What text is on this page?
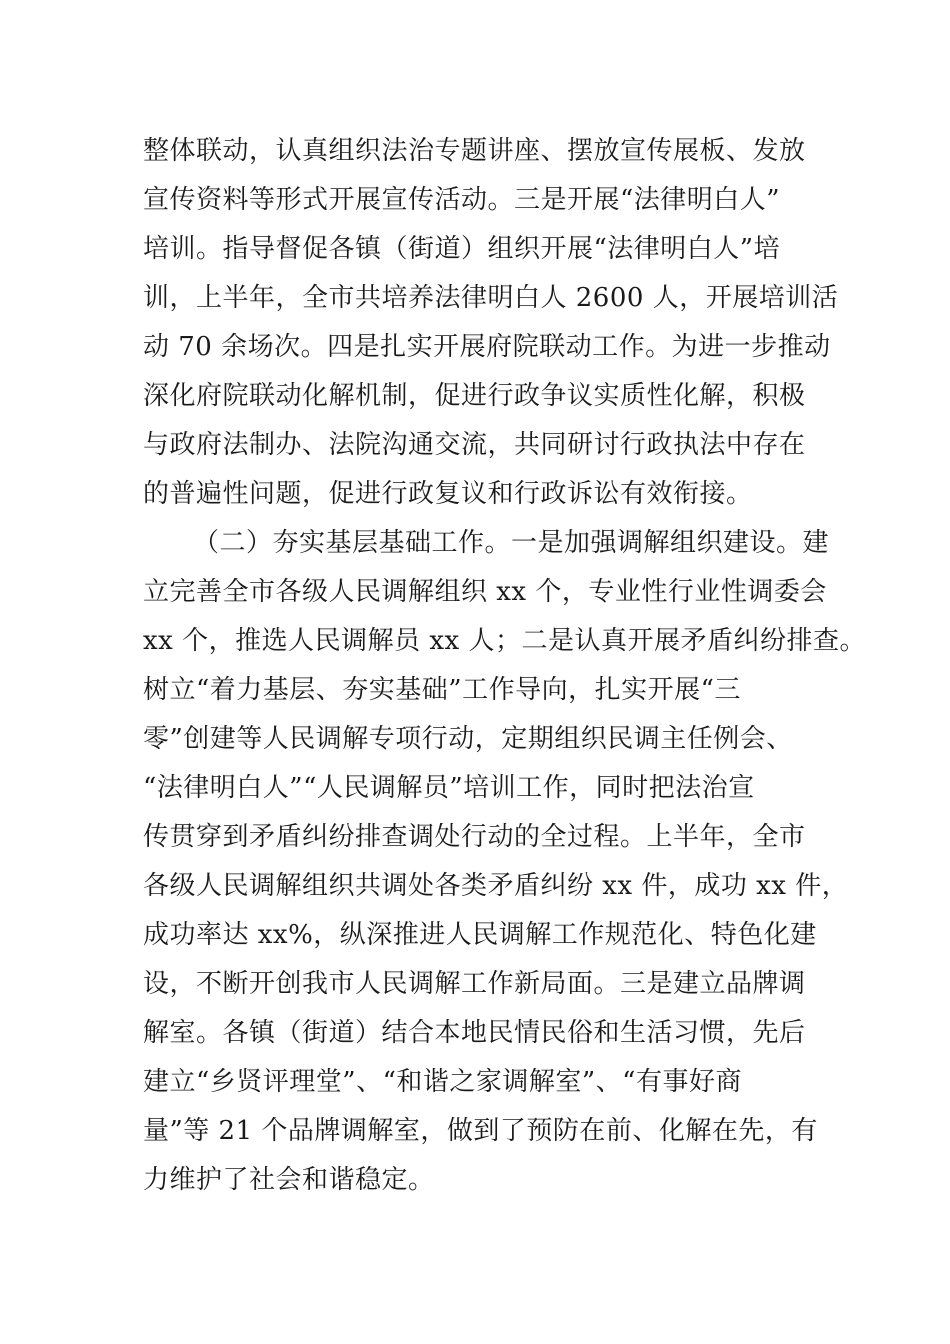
整体联动，认真组织法治专题讲座、摆放宣传展板、发放
宣传资料等形式开展宣传活动。三是开展“法律明白人”
培训。指导督促各镇（街道）组织开展“法律明白人”培
训，上半年，全市共培养法律明白人 2600 人，开展培训活
动 70 余场次。四是扎实开展府院联动工作。为进一步推动
深化府院联动化解机制，促进行政争议实质性化解，积极
与政府法制办、法院沟通交流，共同研讨行政执法中存在
的普遍性问题，促进行政复议和行政诉讼有效衔接。
（二）夯实基层基础工作。一是加强调解组织建设。建
立完善全市各级人民调解组织 xx 个，专业性行业性调委会
xx 个，推选人民调解员 xx 人；二是认真开展矛盾纠纷排查。
树立“着力基层、夯实基础”工作导向，扎实开展“三
零”创建等人民调解专项行动，定期组织民调主任例会、
“法律明白人”“人民调解员”培训工作，同时把法治宣
传贯穿到矛盾纠纷排查调处行动的全过程。上半年，全市
各级人民调解组织共调处各类矛盾纠纷 xx 件，成功 xx 件，
成功率达 xx%，纵深推进人民调解工作规范化、特色化建
设，不断开创我市人民调解工作新局面。三是建立品牌调
解室。各镇（街道）结合本地民情民俗和生活习惯，先后
建立“乡贤评理堂”、“和谐之家调解室”、“有事好商
量”等 21 个品牌调解室，做到了预防在前、化解在先，有
力维护了社会和谐稳定。
